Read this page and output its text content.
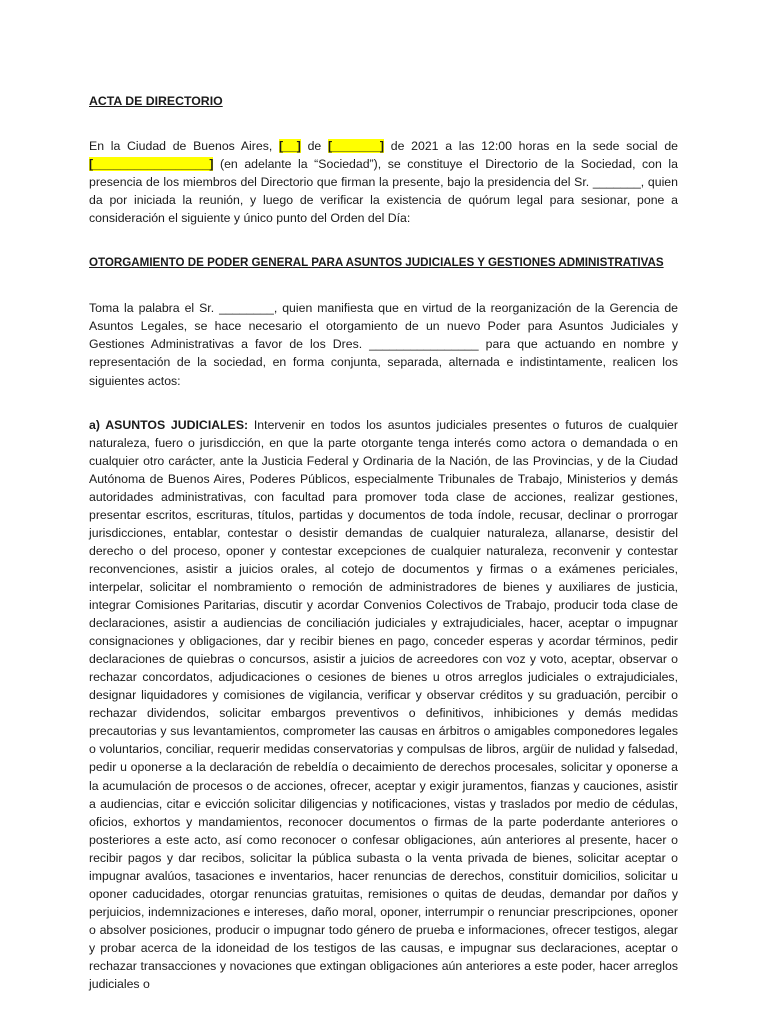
ACTA DE DIRECTORIO

En la Ciudad de Buenos Aires, [__] de [_______] de 2021 a las 12:00 horas en la sede social de [_________________] (en adelante la “Sociedad”), se constituye el Directorio de la Sociedad, con la presencia de los miembros del Directorio que firman la presente, bajo la presidencia del Sr. _______, quien da por iniciada la reunión, y luego de verificar la existencia de quórum legal para sesionar, pone a consideración el siguiente y único punto del Orden del Día:

OTORGAMIENTO DE PODER GENERAL PARA ASUNTOS JUDICIALES Y GESTIONES ADMINISTRATIVAS

Toma la palabra el Sr. ________, quien manifiesta que en virtud de la reorganización de la Gerencia de Asuntos Legales, se hace necesario el otorgamiento de un nuevo Poder para Asuntos Judiciales y Gestiones Administrativas a favor de los Dres. ________________ para que actuando en nombre y representación de la sociedad, en forma conjunta, separada, alternada e indistintamente, realicen los siguientes actos:

a) ASUNTOS JUDICIALES: Intervenir en todos los asuntos judiciales presentes o futuros de cualquier naturaleza, fuero o jurisdicción, en que la parte otorgante tenga interés como actora o demandada o en cualquier otro carácter, ante la Justicia Federal y Ordinaria de la Nación, de las Provincias, y de la Ciudad Autónoma de Buenos Aires, Poderes Públicos, especialmente Tribunales de Trabajo, Ministerios y demás autoridades administrativas, con facultad para promover toda clase de acciones, realizar gestiones, presentar escritos, escrituras, títulos, partidas y documentos de toda índole, recusar, declinar o prorrogar jurisdicciones, entablar, contestar o desistir demandas de cualquier naturaleza, allanarse, desistir del derecho o del proceso, oponer y contestar excepciones de cualquier naturaleza, reconvenir y contestar reconvenciones, asistir a juicios orales, al cotejo de documentos y firmas o a exámenes periciales, interpelar, solicitar el nombramiento o remoción de administradores de bienes y auxiliares de justicia, integrar Comisiones Paritarias, discutir y acordar Convenios Colectivos de Trabajo, producir toda clase de declaraciones, asistir a audiencias de conciliación judiciales y extrajudiciales, hacer, aceptar o impugnar consignaciones y obligaciones, dar y recibir bienes en pago, conceder esperas y acordar términos, pedir declaraciones de quiebras o concursos, asistir a juicios de acreedores con voz y voto, aceptar, observar o rechazar concordatos, adjudicaciones o cesiones de bienes u otros arreglos judiciales o extrajudiciales, designar liquidadores y comisiones de vigilancia, verificar y observar créditos y su graduación, percibir o rechazar dividendos, solicitar embargos preventivos o definitivos, inhibiciones y demás medidas precautorias y sus levantamientos, comprometer las causas en árbitros o amigables componedores legales o voluntarios, conciliar, requerir medidas conservatorias y compulsas de libros, argüir de nulidad y falsedad, pedir u oponerse a la declaración de rebeldía o decaimiento de derechos procesales, solicitar y oponerse a la acumulación de procesos o de acciones, ofrecer, aceptar y exigir juramentos, fianzas y cauciones, asistir a audiencias, citar e evicción solicitar diligencias y notificaciones, vistas y traslados por medio de cédulas, oficios, exhortos y mandamientos, reconocer documentos o firmas de la parte poderdante anteriores o posteriores a este acto, así como reconocer o confesar obligaciones, aún anteriores al presente, hacer o recibir pagos y dar recibos, solicitar la pública subasta o la venta privada de bienes, solicitar aceptar o impugnar avalúos, tasaciones e inventarios, hacer renuncias de derechos, constituir domicilios, solicitar u oponer caducidades, otorgar renuncias gratuitas, remisiones o quitas de deudas, demandar por daños y perjuicios, indemnizaciones e intereses, daño moral, oponer, interrumpir o renunciar prescripciones, oponer o absolver posiciones, producir o impugnar todo género de prueba e informaciones, ofrecer testigos, alegar y probar acerca de la idoneidad de los testigos de las causas, e impugnar sus declaraciones, aceptar o rechazar transacciones y novaciones que extingan obligaciones aún anteriores a este poder, hacer arreglos judiciales o
